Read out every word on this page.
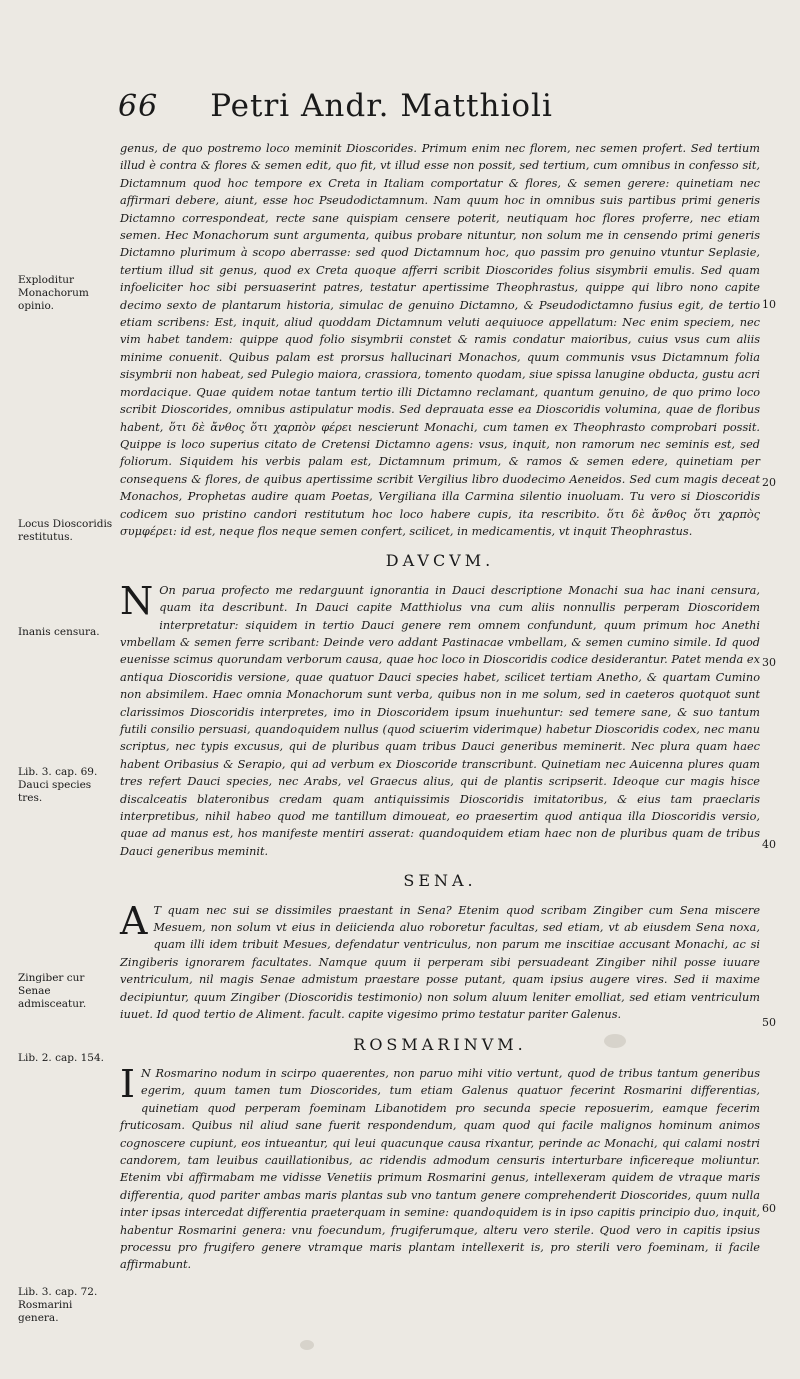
66 Petri Andr. Matthioli
Exploditur Monachorum opinio.
Locus Dioscoridis restitutus.
Inanis censura.
Lib. 3. cap. 69. Dauci species tres.
Zingiber cur Senae admisceatur.
Lib. 2. cap. 154.
Lib. 3. cap. 72. Rosmarini genera.
10
20
30
40
50
60

genus, de quo postremo loco meminit Dioscorides. Primum enim nec florem, nec semen profert. Sed tertium illud è contra & flores & semen edit, quo fit, vt illud esse non possit, sed tertium, cum omnibus in confesso sit, Dictamnum quod hoc tempore ex Creta in Italiam comportatur & flores, & semen gerere: quinetiam nec affirmari debere, aiunt, esse hoc Pseudodictamnum. Nam quum hoc in omnibus suis partibus primi generis Dictamno correspondeat, recte sane quispiam censere poterit, neutiquam hoc flores proferre, nec etiam semen. Hec Monachorum sunt argumenta, quibus probare nituntur, non solum me in censendo primi generis Dictamno plurimum à scopo aberrasse: sed quod Dictamnum hoc, quo passim pro genuino vtuntur Seplasie, tertium illud sit genus, quod ex Creta quoque afferri scribit Dioscorides folius sisymbrii emulis. Sed quam infoeliciter hoc sibi persuaserint patres, testatur apertissime Theophrastus, quippe qui libro nono capite decimo sexto de plantarum historia, simulac de genuino Dictamno, & Pseudodictamno fusius egit, de tertio etiam scribens: Est, inquit, aliud quoddam Dictamnum veluti aequiuoce appellatum: Nec enim speciem, nec vim habet tandem: quippe quod folio sisymbrii constet & ramis condatur maioribus, cuius vsus cum aliis minime conuenit. Quibus palam est prorsus hallucinari Monachos, quum communis vsus Dictamnum folia sisymbrii non habeat, sed Pulegio maiora, crassiora, tomento quodam, siue spissa lanugine obducta, gustu acri mordacique. Quae quidem notae tantum tertio illi Dictamno reclamant, quantum genuino, de quo primo loco scribit Dioscorides, omnibus astipulatur modis. Sed deprauata esse ea Dioscoridis volumina, quae de floribus habent, ὅτι δὲ ἄνθος ὅτι χαρπὸν φέρει nescierunt Monachi, cum tamen ex Theophrasto comprobari possit. Quippe is loco superius citato de Cretensi Dictamno agens: vsus, inquit, non ramorum nec seminis est, sed foliorum. Siquidem his verbis palam est, Dictamnum primum, & ramos & semen edere, quinetiam per consequens & flores, de quibus apertissime scribit Vergilius libro duodecimo Aeneidos. Sed cum magis deceat Monachos, Prophetas audire quam Poetas, Vergiliana illa Carmina silentio inuoluam. Tu vero si Dioscoridis codicem suo pristino candori restitutum hoc loco habere cupis, ita rescribito. ὅτι δὲ ἄνθος ὅτι χαρπὸς συμφέρει: id est, neque flos neque semen confert, scilicet, in medicamentis, vt inquit Theophrastus.

DAVCVM.

N On parua profecto me redarguunt ignorantia in Dauci descriptione Monachi sua hac inani censura, quam ita describunt. In Dauci capite Matthiolus vna cum aliis nonnullis perperam Dioscoridem interpretatur: siquidem in tertio Dauci genere rem omnem confundunt, quum primum hoc Anethi vmbellam & semen ferre scribant: Deinde vero addant Pastinacae vmbellam, & semen cumino simile. Id quod euenisse scimus quorundam verborum causa, quae hoc loco in Dioscoridis codice desiderantur. Patet menda ex antiqua Dioscoridis versione, quae quatuor Dauci species habet, scilicet tertiam Anetho, & quartam Cumino non absimilem. Haec omnia Monachorum sunt verba, quibus non in me solum, sed in caeteros quotquot sunt clarissimos Dioscoridis interpretes, imo in Dioscoridem ipsum inuehuntur: sed temere sane, & suo tantum futili consilio persuasi, quandoquidem nullus (quod sciuerim viderimque) habetur Dioscoridis codex, nec manu scriptus, nec typis excusus, qui de pluribus quam tribus Dauci generibus meminerit. Nec plura quam haec habent Oribasius & Serapio, qui ad verbum ex Dioscoride transcribunt. Quinetiam nec Auicenna plures quam tres refert Dauci species, nec Arabs, vel Graecus alius, qui de plantis scripserit. Ideoque cur magis hisce discalceatis blateronibus credam quam antiquissimis Dioscoridis imitatoribus, & eius tam praeclaris interpretibus, nihil habeo quod me tantillum dimoueat, eo praesertim quod antiqua illa Dioscoridis versio, quae ad manus est, hos manifeste mentiri asserat: quandoquidem etiam haec non de pluribus quam de tribus Dauci generibus meminit.

SENA.

A T quam nec sui se dissimiles praestant in Sena? Etenim quod scribam Zingiber cum Sena miscere Mesuem, non solum vt eius in deiicienda aluo roboretur facultas, sed etiam, vt ab eiusdem Sena noxa, quam illi idem tribuit Mesues, defendatur ventriculus, non parum me inscitiae accusant Monachi, ac si Zingiberis ignorarem facultates. Namque quum ii perperam sibi persuadeant Zingiber nihil posse iuuare ventriculum, nil magis Senae admistum praestare posse putant, quam ipsius augere vires. Sed ii maxime decipiuntur, quum Zingiber (Dioscoridis testimonio) non solum aluum leniter emolliat, sed etiam ventriculum iuuet. Id quod tertio de Aliment. facult. capite vigesimo primo testatur pariter Galenus.

ROSMARINVM.

I N Rosmarino nodum in scirpo quaerentes, non paruo mihi vitio vertunt, quod de tribus tantum generibus egerim, quum tamen tum Dioscorides, tum etiam Galenus quatuor fecerint Rosmarini differentias, quinetiam quod perperam foeminam Libanotidem pro secunda specie reposuerim, eamque fecerim fruticosam. Quibus nil aliud sane fuerit respondendum, quam quod qui facile malignos hominum animos cognoscere cupiunt, eos intueantur, qui leui quacunque causa rixantur, perinde ac Monachi, qui calami nostri candorem, tam leuibus cauillationibus, ac ridendis admodum censuris interturbare inficereque moliuntur. Etenim vbi affirmabam me vidisse Venetiis primum Rosmarini genus, intellexeram quidem de vtraque maris differentia, quod pariter ambas maris plantas sub vno tantum genere comprehenderit Dioscorides, quum nulla inter ipsas intercedat differentia praeterquam in semine: quandoquidem is in ipso capitis principio duo, inquit, habentur Rosmarini genera: vnu foecundum, frugiferumque, alteru vero sterile. Quod vero in capitis ipsius processu pro frugifero genere vtramque maris plantam intellexerit is, pro sterili vero foeminam, ii facile affirmabunt.
